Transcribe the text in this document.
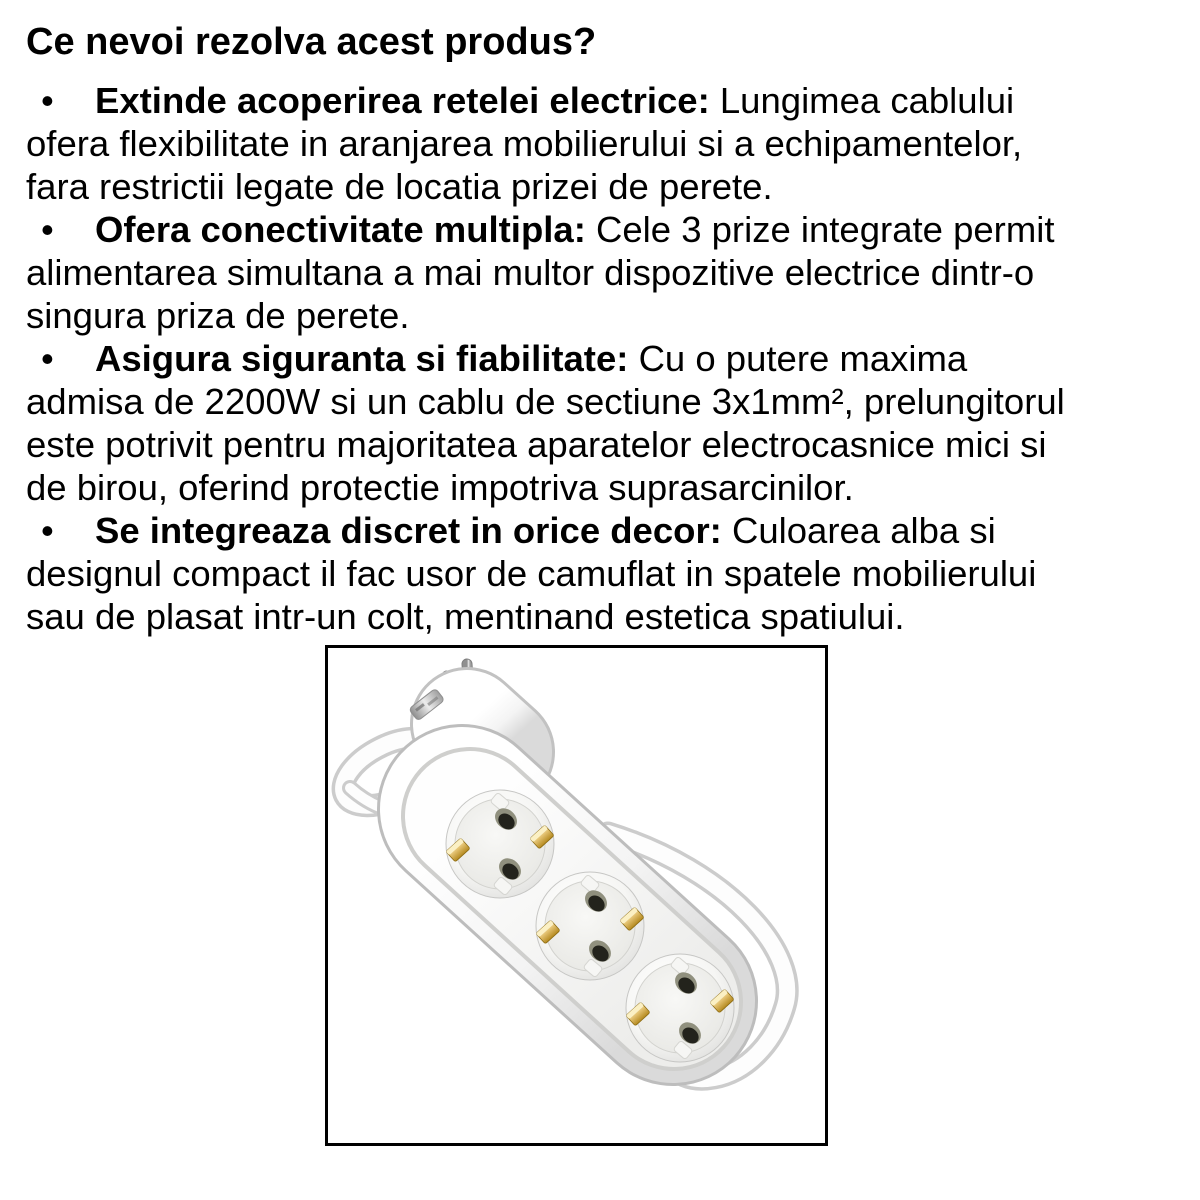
Ce nevoi rezolva acest produs?
• Extinde acoperirea retelei electrice: Lungimea cablului
ofera flexibilitate in aranjarea mobilierului si a echipamentelor,
fara restrictii legate de locatia prizei de perete.
• Ofera conectivitate multipla: Cele 3 prize integrate permit
alimentarea simultana a mai multor dispozitive electrice dintr-o
singura priza de perete.
• Asigura siguranta si fiabilitate: Cu o putere maxima
admisa de 2200W si un cablu de sectiune 3x1mm², prelungitorul
este potrivit pentru majoritatea aparatelor electrocasnice mici si
de birou, oferind protectie impotriva suprasarcinilor.
• Se integreaza discret in orice decor: Culoarea alba si
designul compact il fac usor de camuflat in spatele mobilierului
sau de plasat intr-un colt, mentinand estetica spatiului.
